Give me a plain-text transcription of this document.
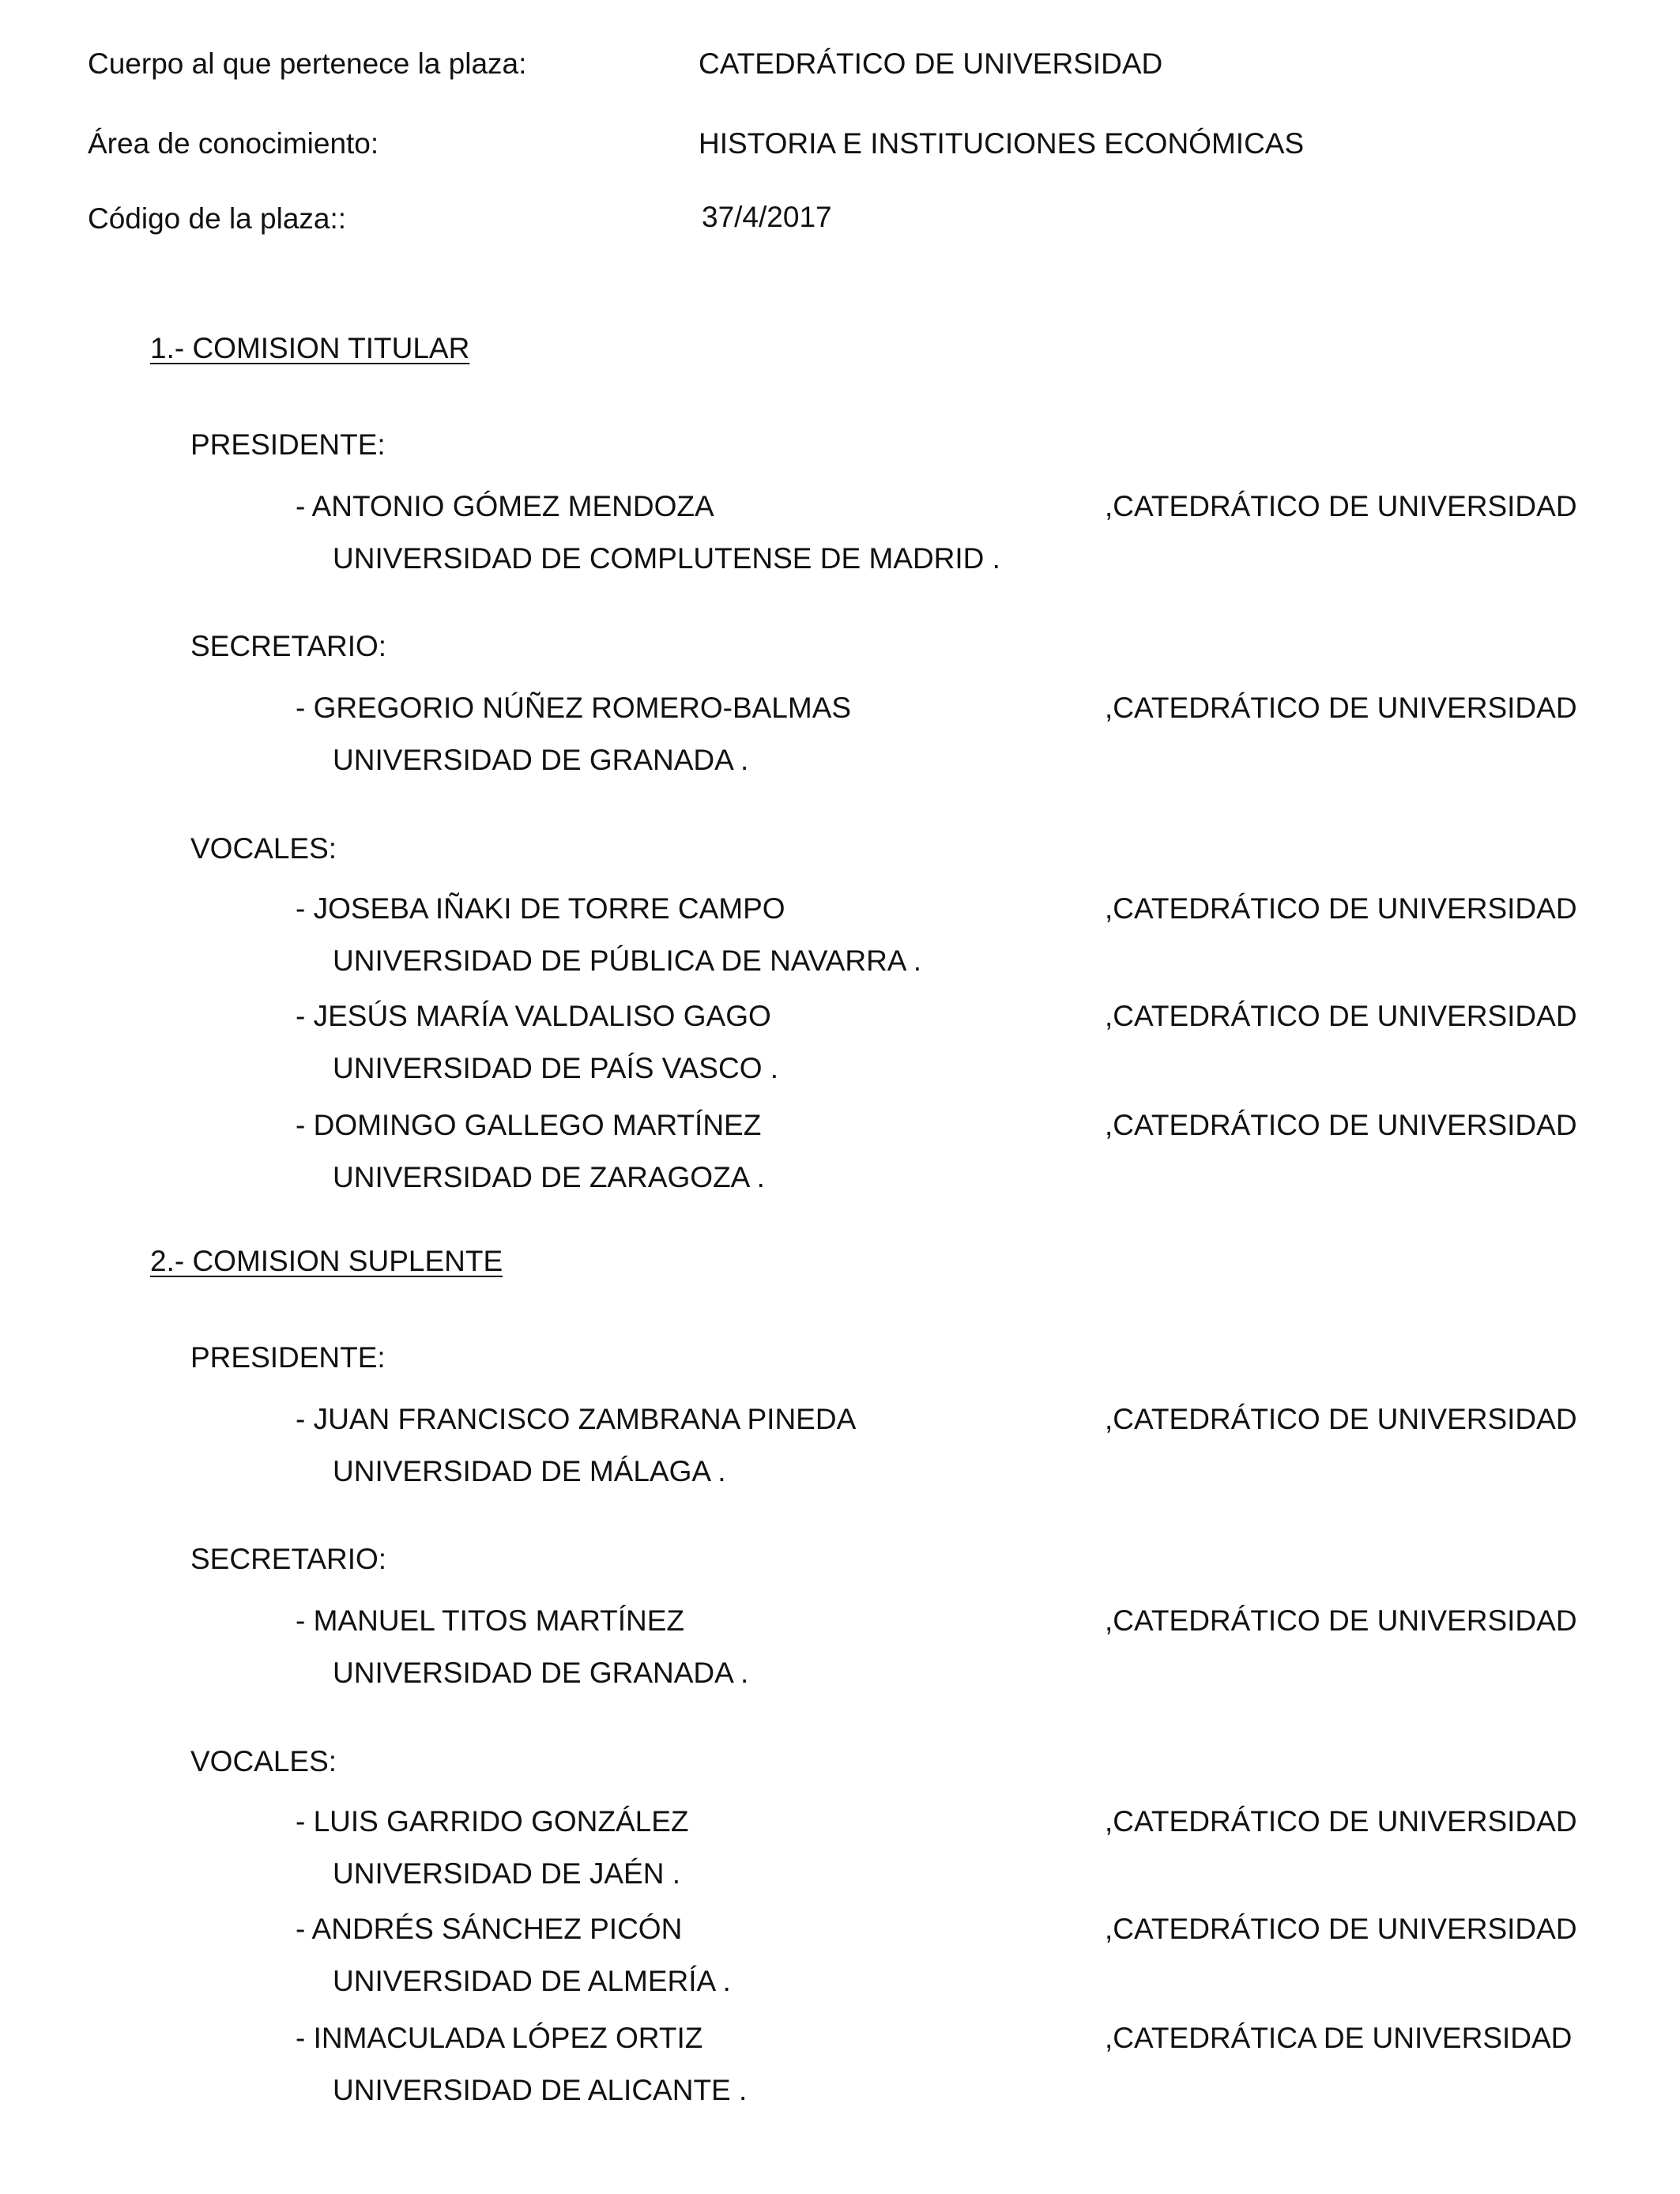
Cuerpo al que pertenece la plaza:	CATEDRÁTICO DE UNIVERSIDAD
Área de conocimiento:	HISTORIA E INSTITUCIONES ECONÓMICAS
Código de la plaza::	37/4/2017
1.- COMISION TITULAR
PRESIDENTE:
- ANTONIO GÓMEZ MENDOZA	,CATEDRÁTICO DE UNIVERSIDAD
UNIVERSIDAD DE COMPLUTENSE DE MADRID .
SECRETARIO:
- GREGORIO NÚÑEZ ROMERO-BALMAS	,CATEDRÁTICO DE UNIVERSIDAD
UNIVERSIDAD DE GRANADA .
VOCALES:
- JOSEBA IÑAKI DE TORRE CAMPO	,CATEDRÁTICO DE UNIVERSIDAD
UNIVERSIDAD DE PÚBLICA DE NAVARRA .
- JESÚS MARÍA VALDALISO GAGO	,CATEDRÁTICO DE UNIVERSIDAD
UNIVERSIDAD DE PAÍS VASCO .
- DOMINGO GALLEGO MARTÍNEZ	,CATEDRÁTICO DE UNIVERSIDAD
UNIVERSIDAD DE ZARAGOZA .
2.- COMISION SUPLENTE
PRESIDENTE:
- JUAN FRANCISCO ZAMBRANA PINEDA	,CATEDRÁTICO DE UNIVERSIDAD
UNIVERSIDAD DE MÁLAGA .
SECRETARIO:
- MANUEL TITOS MARTÍNEZ	,CATEDRÁTICO DE UNIVERSIDAD
UNIVERSIDAD DE GRANADA .
VOCALES:
- LUIS GARRIDO GONZÁLEZ	,CATEDRÁTICO DE UNIVERSIDAD
UNIVERSIDAD DE JAÉN .
- ANDRÉS SÁNCHEZ PICÓN	,CATEDRÁTICO DE UNIVERSIDAD
UNIVERSIDAD DE ALMERÍA .
- INMACULADA LÓPEZ ORTIZ	,CATEDRÁTICA DE UNIVERSIDAD
UNIVERSIDAD DE ALICANTE .
